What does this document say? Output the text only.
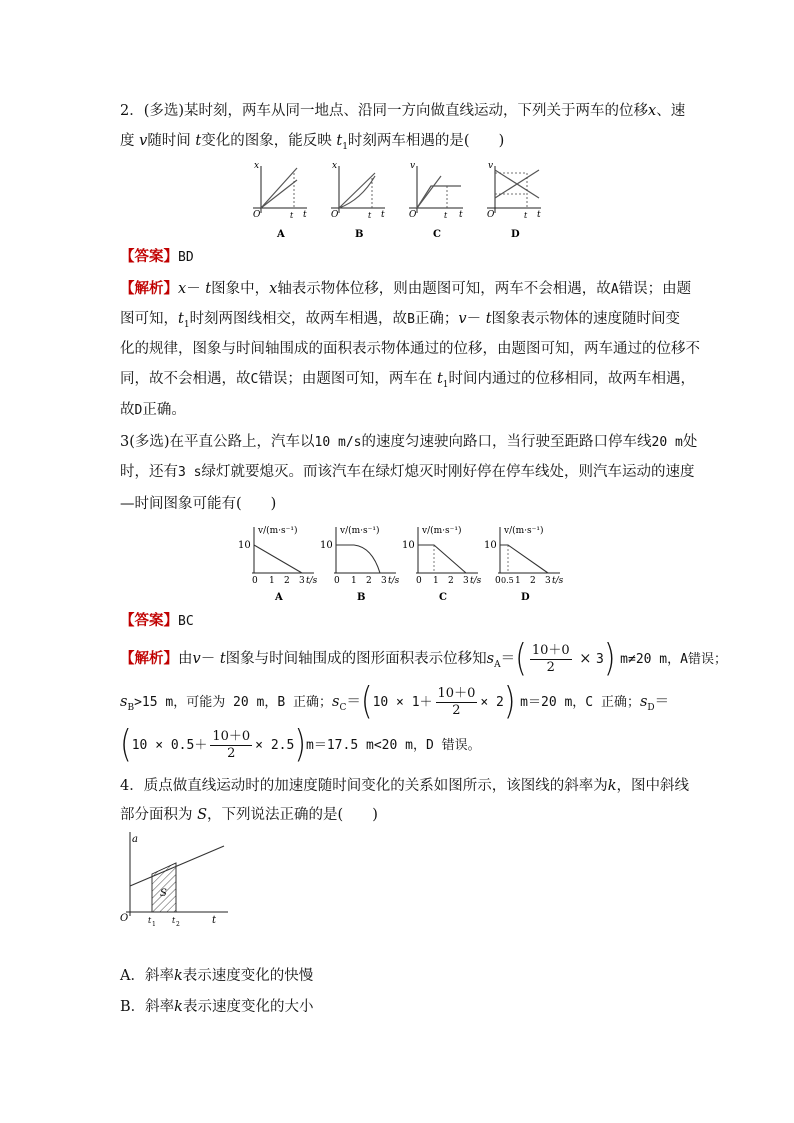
2．(多选)某时刻，两车从同一地点、沿同一方向做直线运动，下列关于两车的位移x、速
度 v随时间 t变化的图象，能反映 $t_1$时刻两车相遇的是(　　)
x
O	t t
A
x
O	t t
B
v
O	t t
C
v
O	t t
D
【答案】BD
【解析】x－ t图象中，x轴表示物体位移，则由题图可知，两车不会相遇，故A错误；由题
图可知，$t_1$时刻两图线相交，故两车相遇，故B正确；v－ t图象表示物体的速度随时间变
化的规律，图象与时间轴围成的面积表示物体通过的位移，由题图可知，两车通过的位移不
同，故不会相遇，故C错误；由题图可知，两车在 $t_1$时间内通过的位移相同，故两车相遇，
故D正确。
3(多选)在平直公路上，汽车以10 m/s的速度匀速驶向路口，当行驶至距路口停车线20 m处
时，还有3 s绿灯就要熄灭。而该汽车在绿灯熄灭时刚好停在停车线处，则汽车运动的速度
—时间图象可能有(　　)
v/(m·s⁻¹)
10
0 1 2 3 t/s
A
v/(m·s⁻¹)
10
0 1 2 3 t/s
B
v/(m·s⁻¹)
10
0 1 2 3 t/s
C
v/(m·s⁻¹)
10
0 0.5 1 2 3 t/s
D
【答案】BC
【解析】由v－ t图象与时间轴围成的图形面积表示位移知$s_A=( \frac{10+0}{2} \times 3)$ m≠20 m，A错误；
$s_B>15$ m，可能为 20 m，B 正确；$s_C=(10 \times 1+ \frac{10+0}{2} \times 2)$ m＝20 m，C 正确；$s_D=$
$(10 \times 0.5+ \frac{10+0}{2} \times 2.5)m=17.5$ m<20 m，D 错误。
4．质点做直线运动时的加速度随时间变化的关系如图所示，该图线的斜率为k，图中斜线
部分面积为 S，下列说法正确的是(　　)
a
O
S
t 1 t 2	t
A．斜率k表示速度变化的快慢
B．斜率k表示速度变化的大小
